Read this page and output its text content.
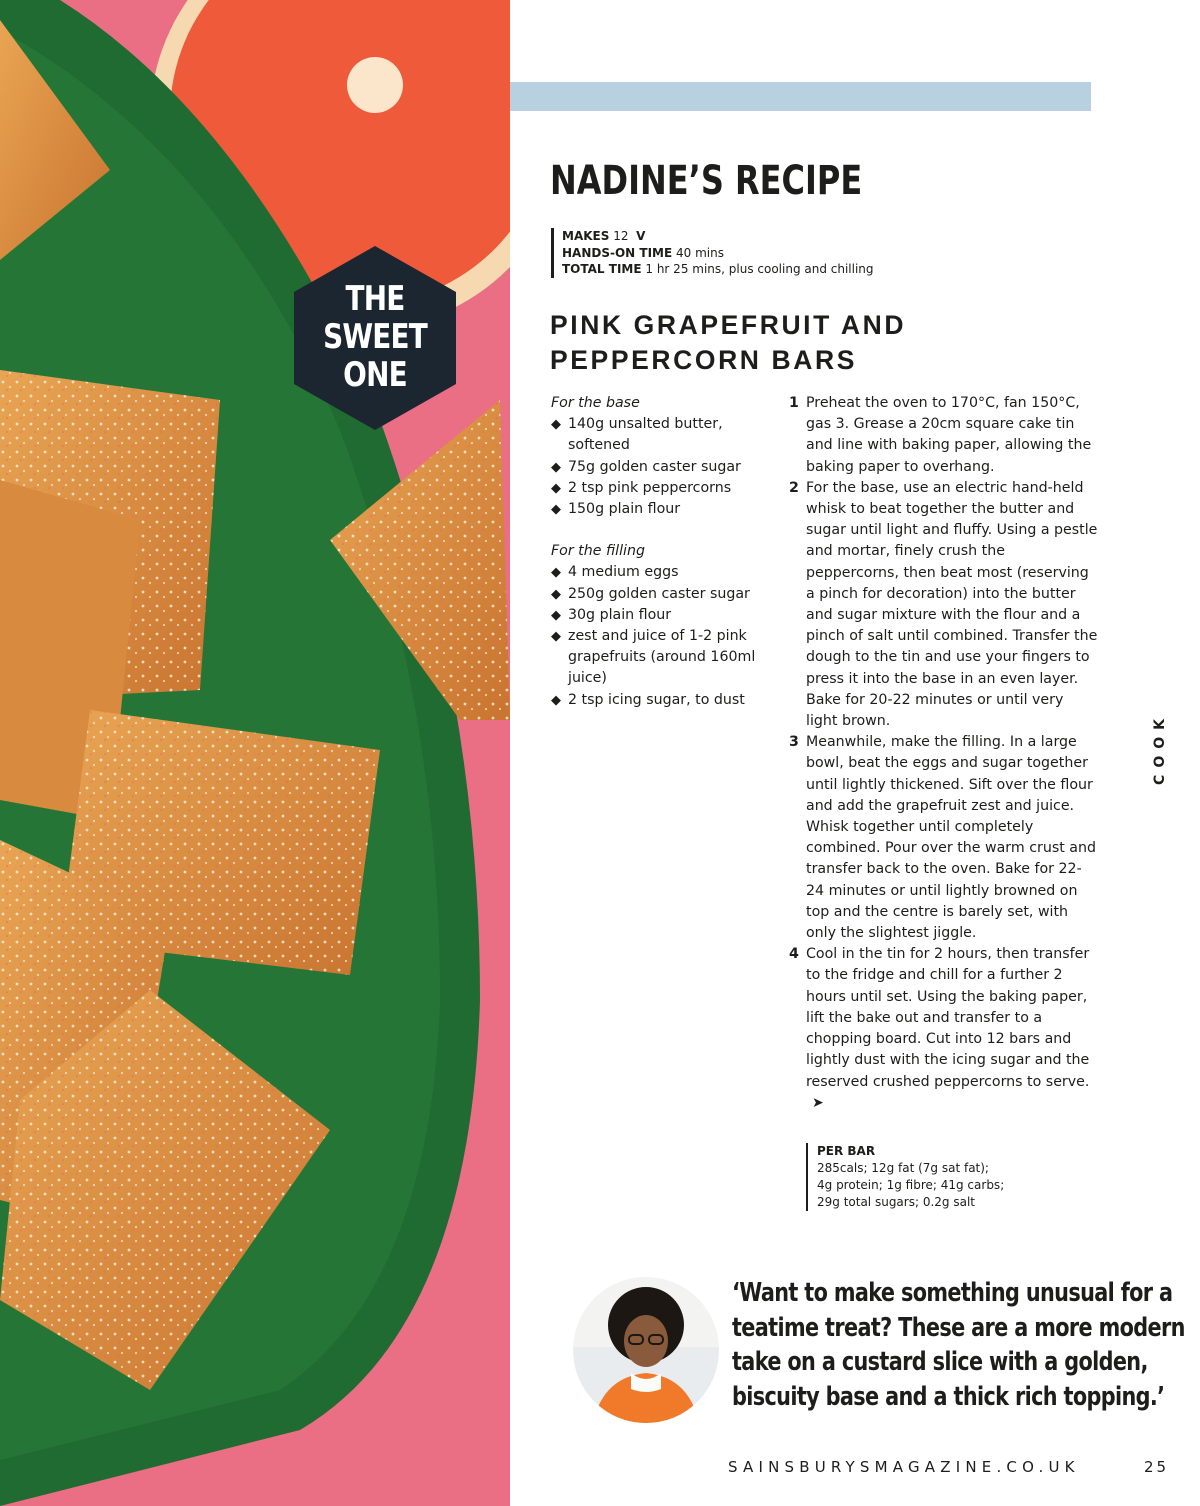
THE
SWEET
ONE
NADINE’S RECIPE
MAKES 12 V
HANDS-ON TIME 40 mins
TOTAL TIME 1 hr 25 mins, plus cooling and chilling
PINK GRAPEFRUIT AND
PEPPERCORN BARS
For the base
◆ 140g unsalted butter, softened
◆ 75g golden caster sugar
◆ 2 tsp pink peppercorns
◆ 150g plain flour
For the filling
◆ 4 medium eggs
◆ 250g golden caster sugar
◆ 30g plain flour
◆ zest and juice of 1-2 pink grapefruits (around 160ml juice)
◆ 2 tsp icing sugar, to dust
1 Preheat the oven to 170°C, fan 150°C, gas 3. Grease a 20cm square cake tin and line with baking paper, allowing the baking paper to overhang.
2 For the base, use an electric hand-held whisk to beat together the butter and sugar until light and fluffy. Using a pestle and mortar, finely crush the peppercorns, then beat most (reserving a pinch for decoration) into the butter and sugar mixture with the flour and a pinch of salt until combined. Transfer the dough to the tin and use your fingers to press it into the base in an even layer. Bake for 20-22 minutes or until very light brown.
3 Meanwhile, make the filling. In a large bowl, beat the eggs and sugar together until lightly thickened. Sift over the flour and add the grapefruit zest and juice. Whisk together until completely combined. Pour over the warm crust and transfer back to the oven. Bake for 22-24 minutes or until lightly browned on top and the centre is barely set, with only the slightest jiggle.
4 Cool in the tin for 2 hours, then transfer to the fridge and chill for a further 2 hours until set. Using the baking paper, lift the bake out and transfer to a chopping board. Cut into 12 bars and lightly dust with the icing sugar and the reserved crushed peppercorns to serve.➤
PER BAR
285cals; 12g fat (7g sat fat);
4g protein; 1g fibre; 41g carbs;
29g total sugars; 0.2g salt
COOK
‘Want to make something unusual for a
teatime treat? These are a more modern
take on a custard slice with a golden,
biscuity base and a thick rich topping.’
SAINSBURYSMAGAZINE.CO.UK	25
